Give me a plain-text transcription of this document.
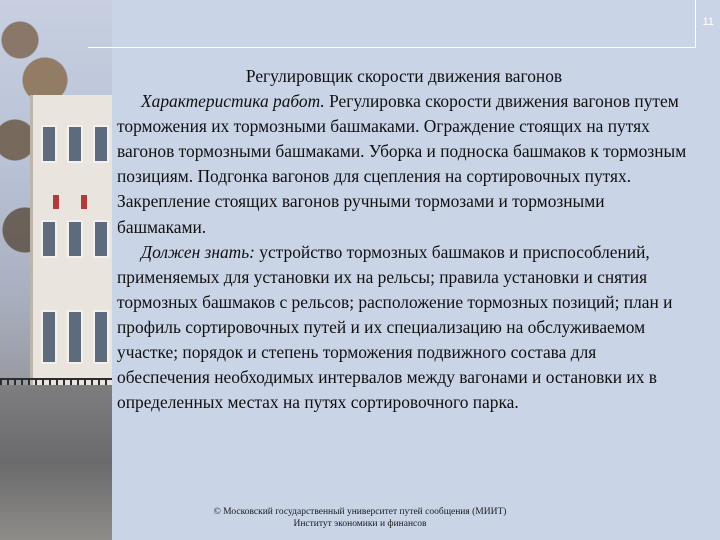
11

Регулировщик скорости движения вагонов

Характеристика работ. Регулировка скорости движения вагонов путем торможения их тормозными башмаками. Ограждение стоящих на путях вагонов тормозными башмаками. Уборка и подноска башмаков к тормозным позициям. Подгонка вагонов для сцепления на сортировочных путях. Закрепление стоящих вагонов ручными тормозами и тормозными башмаками.

Должен знать: устройство тормозных башмаков и приспособлений, применяемых для установки их на рельсы; правила установки и снятия тормозных башмаков с рельсов; расположение тормозных позиций; план и профиль сортировочных путей и их специализацию на обслуживаемом участке; порядок и степень торможения подвижного состава для обеспечения необходимых интервалов между вагонами и остановки их в определенных местах на путях сортировочного парка.

© Московский государственный университет путей сообщения (МИИТ)
Институт экономики и финансов
